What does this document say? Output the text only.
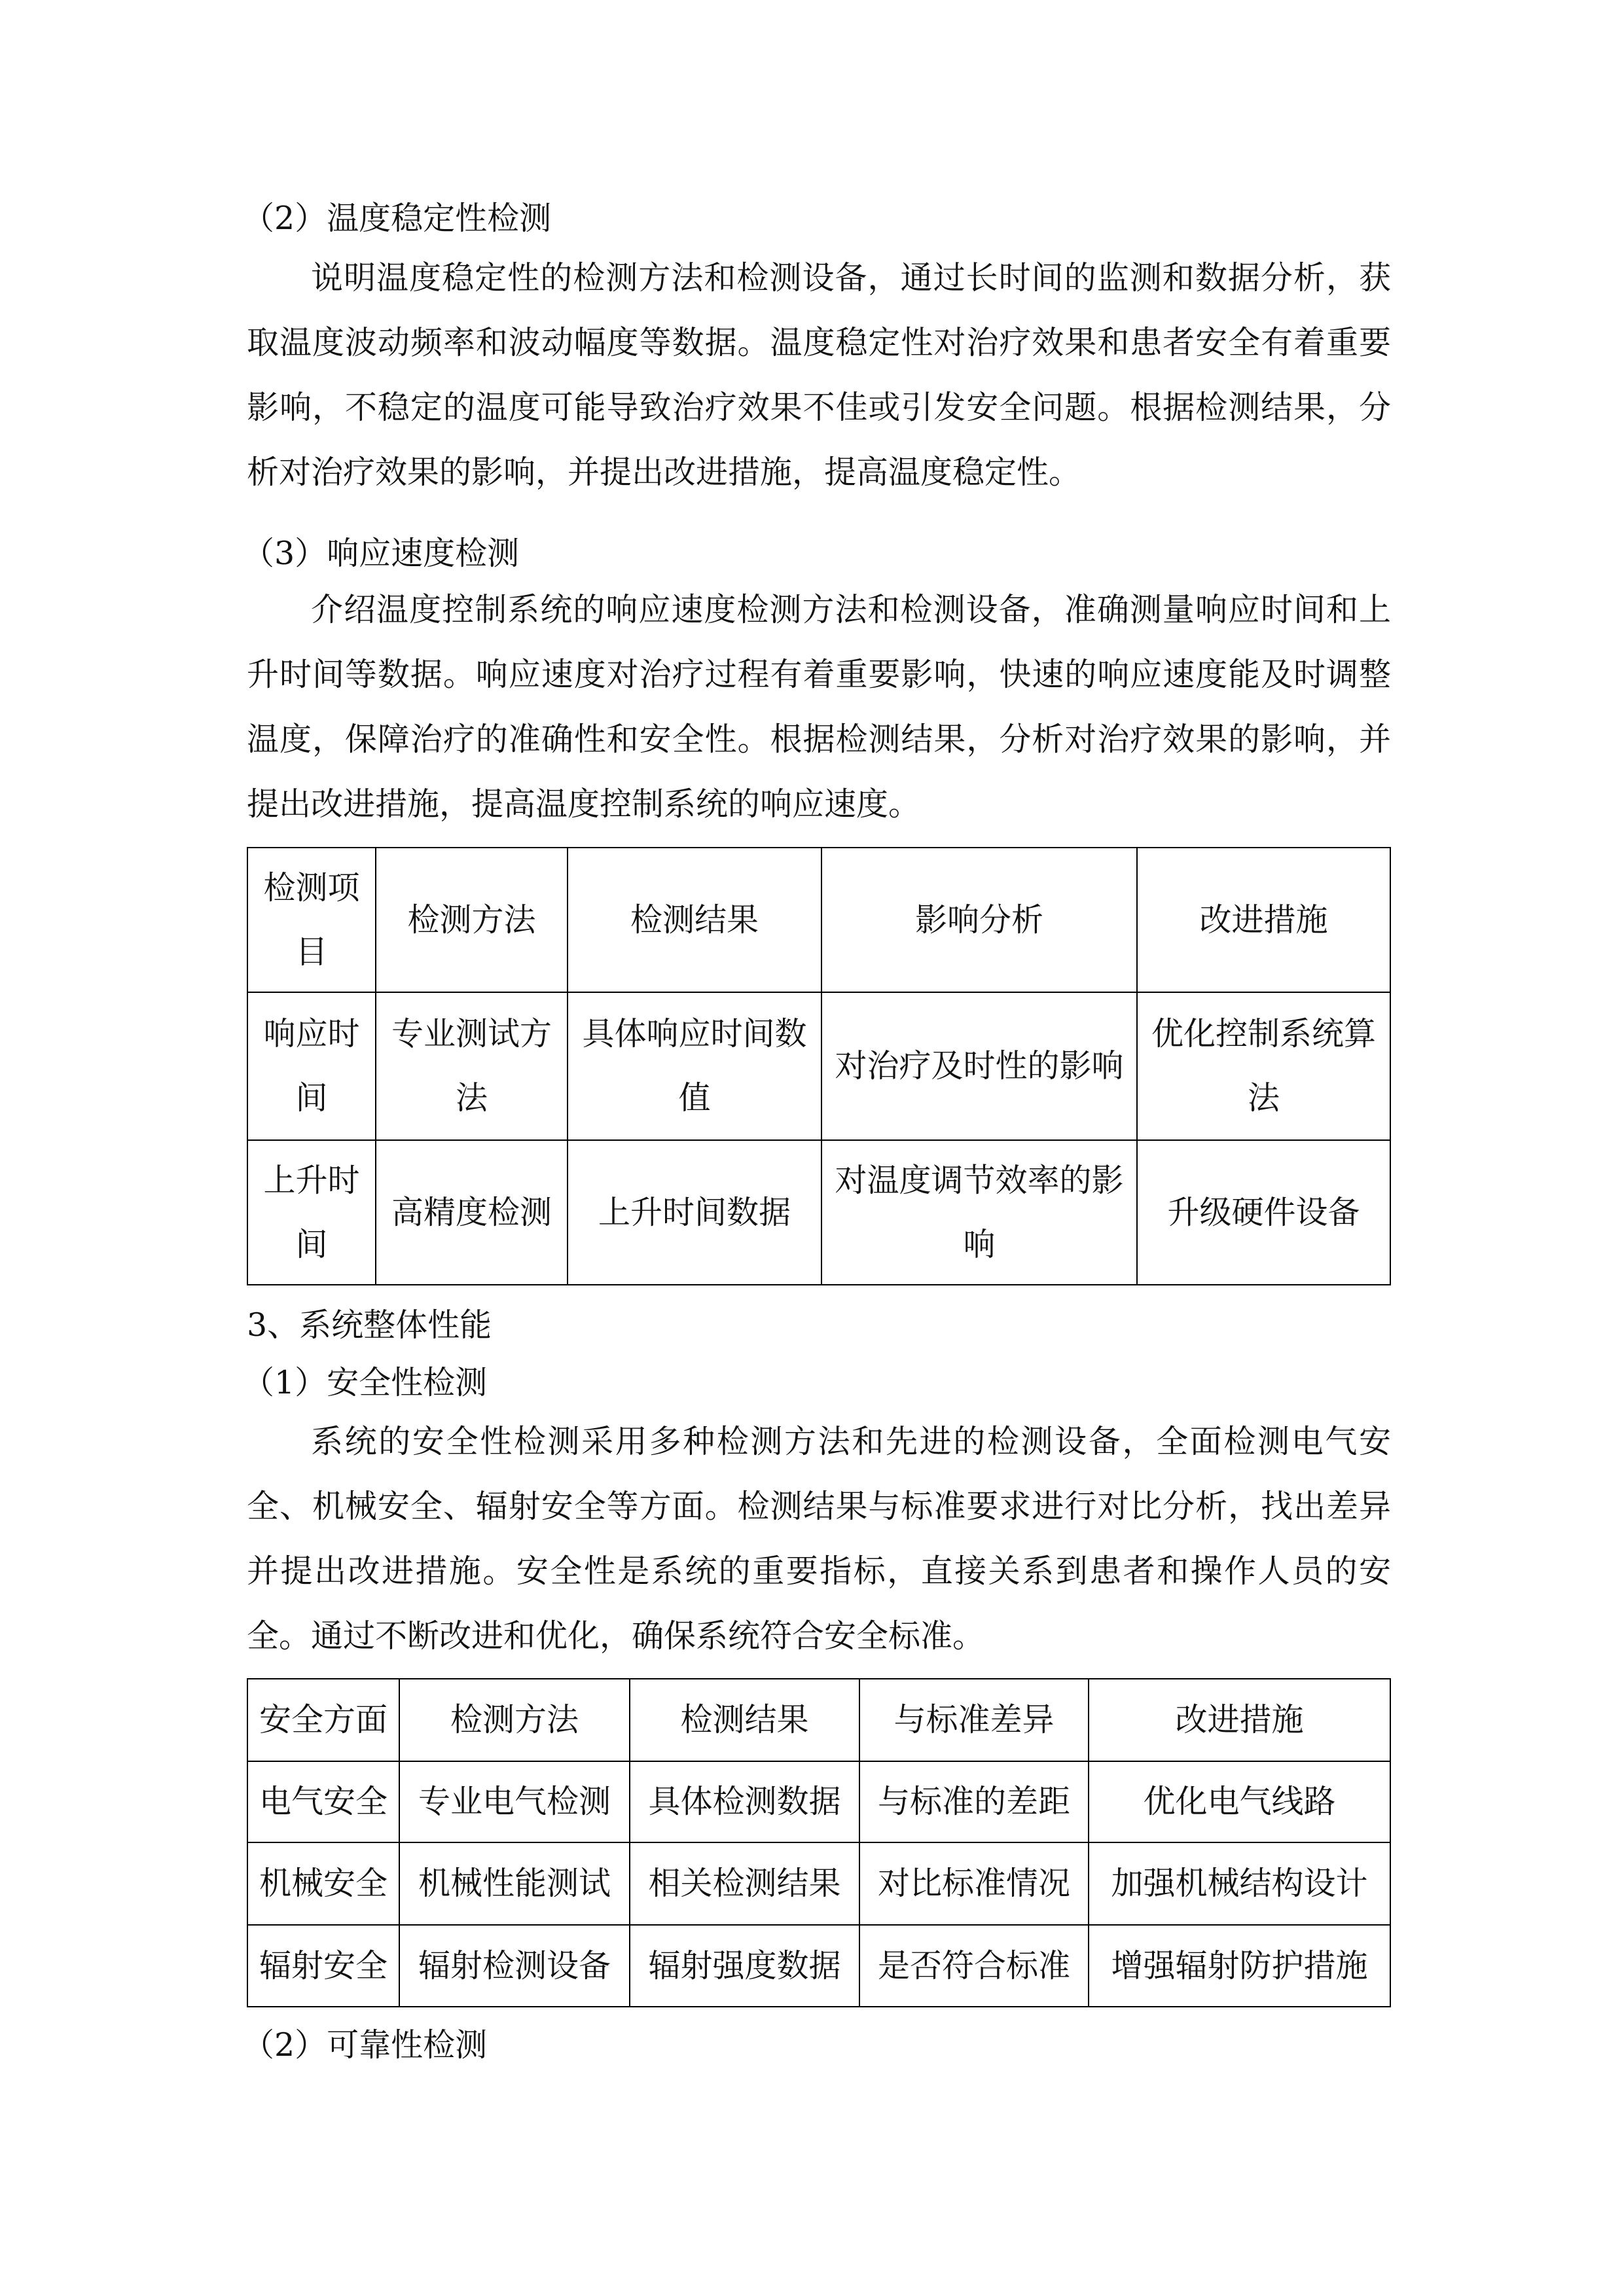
（2）温度稳定性检测

说明温度稳定性的检测方法和检测设备，通过长时间的监测和数据分析，获取温度波动频率和波动幅度等数据。温度稳定性对治疗效果和患者安全有着重要影响，不稳定的温度可能导致治疗效果不佳或引发安全问题。根据检测结果，分析对治疗效果的影响，并提出改进措施，提高温度稳定性。

（3）响应速度检测

介绍温度控制系统的响应速度检测方法和检测设备，准确测量响应时间和上升时间等数据。响应速度对治疗过程有着重要影响，快速的响应速度能及时调整温度，保障治疗的准确性和安全性。根据检测结果，分析对治疗效果的影响，并提出改进措施，提高温度控制系统的响应速度。

检测项目	检测方法	检测结果	影响分析	改进措施
响应时间	专业测试方法	具体响应时间数值	对治疗及时性的影响	优化控制系统算法
上升时间	高精度检测	上升时间数据	对温度调节效率的影响	升级硬件设备
3、系统整体性能
（1）安全性检测

系统的安全性检测采用多种检测方法和先进的检测设备，全面检测电气安全、机械安全、辐射安全等方面。检测结果与标准要求进行对比分析，找出差异并提出改进措施。安全性是系统的重要指标，直接关系到患者和操作人员的安全。通过不断改进和优化，确保系统符合安全标准。

安全方面	检测方法	检测结果	与标准差异	改进措施
电气安全	专业电气检测	具体检测数据	与标准的差距	优化电气线路
机械安全	机械性能测试	相关检测结果	对比标准情况	加强机械结构设计
辐射安全	辐射检测设备	辐射强度数据	是否符合标准	增强辐射防护措施
（2）可靠性检测
